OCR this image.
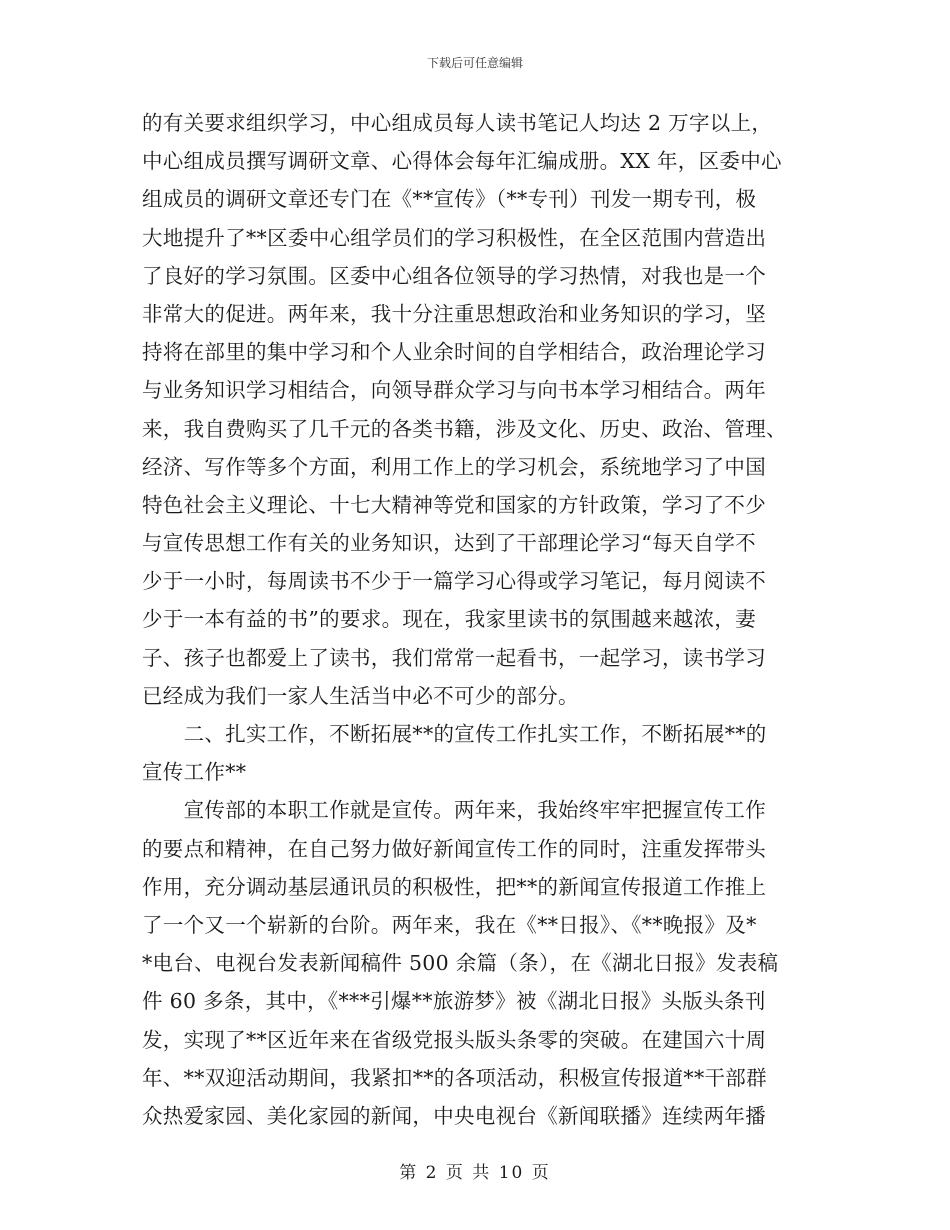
下载后可任意编辑
的有关要求组织学习，中心组成员每人读书笔记人均达 2 万字以上，
中心组成员撰写调研文章、心得体会每年汇编成册。XX 年，区委中心
组成员的调研文章还专门在《**宣传》（**专刊）刊发一期专刊，极
大地提升了**区委中心组学员们的学习积极性，在全区范围内营造出
了良好的学习氛围。区委中心组各位领导的学习热情，对我也是一个
非常大的促进。两年来，我十分注重思想政治和业务知识的学习，坚
持将在部里的集中学习和个人业余时间的自学相结合，政治理论学习
与业务知识学习相结合，向领导群众学习与向书本学习相结合。两年
来，我自费购买了几千元的各类书籍，涉及文化、历史、政治、管理、
经济、写作等多个方面，利用工作上的学习机会，系统地学习了中国
特色社会主义理论、十七大精神等党和国家的方针政策，学习了不少
与宣传思想工作有关的业务知识，达到了干部理论学习“每天自学不
少于一小时，每周读书不少于一篇学习心得或学习笔记，每月阅读不
少于一本有益的书”的要求。现在，我家里读书的氛围越来越浓，妻
子、孩子也都爱上了读书，我们常常一起看书，一起学习，读书学习
已经成为我们一家人生活当中必不可少的部分。
　　二、扎实工作，不断拓展**的宣传工作扎实工作，不断拓展**的
宣传工作**
　　宣传部的本职工作就是宣传。两年来，我始终牢牢把握宣传工作
的要点和精神，在自己努力做好新闻宣传工作的同时，注重发挥带头
作用，充分调动基层通讯员的积极性，把**的新闻宣传报道工作推上
了一个又一个崭新的台阶。两年来，我在《**日报》、《**晚报》及*
*电台、电视台发表新闻稿件 500 余篇（条），在《湖北日报》发表稿
件 60 多条，其中，《***引爆**旅游梦》被《湖北日报》头版头条刊
发，实现了**区近年来在省级党报头版头条零的突破。在建国六十周
年、**双迎活动期间，我紧扣**的各项活动，积极宣传报道**干部群
众热爱家园、美化家园的新闻，中央电视台《新闻联播》连续两年播
第 2 页 共 10 页
